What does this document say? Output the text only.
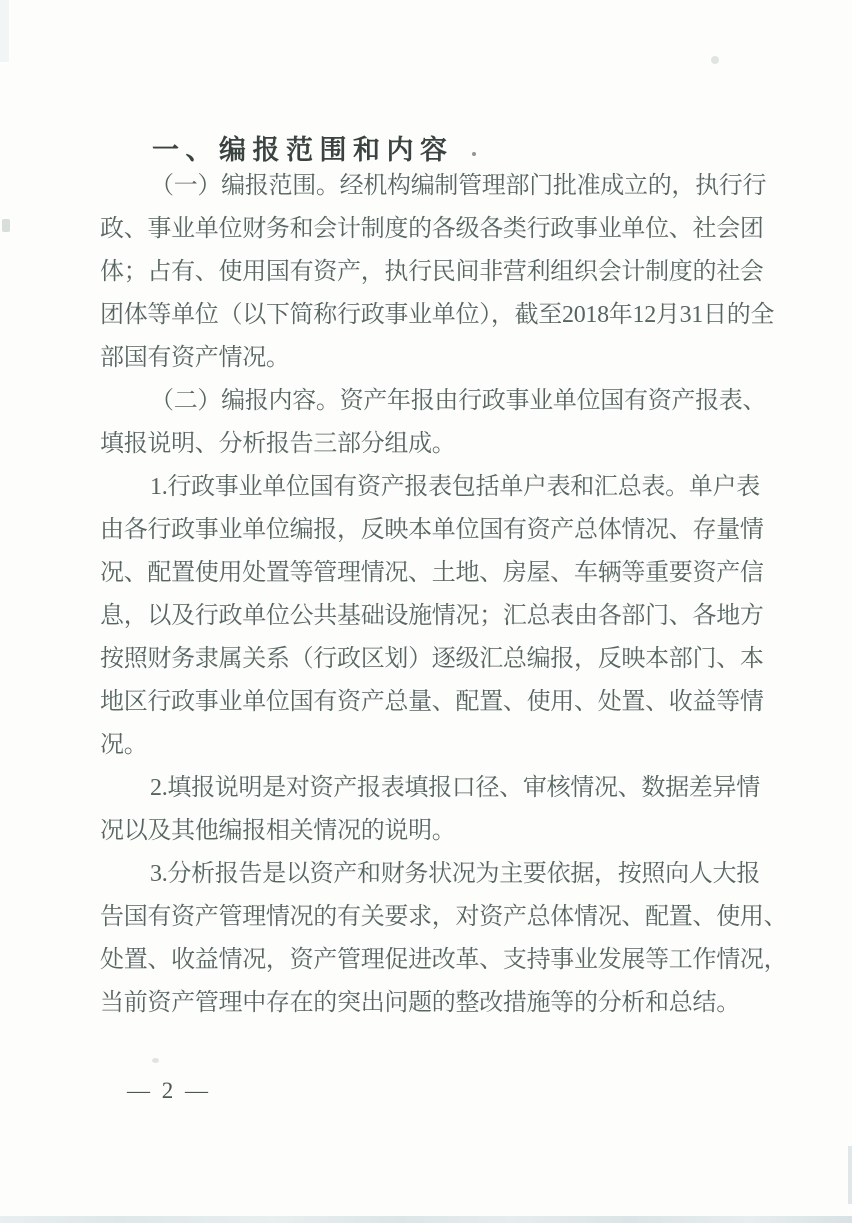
一、编报范围和内容

（一）编报范围。经机构编制管理部门批准成立的，执行行
政、事业单位财务和会计制度的各级各类行政事业单位、社会团
体；占有、使用国有资产，执行民间非营利组织会计制度的社会
团体等单位（以下简称行政事业单位），截至2018年12月31日的全
部国有资产情况。

（二）编报内容。资产年报由行政事业单位国有资产报表、
填报说明、分析报告三部分组成。

1.行政事业单位国有资产报表包括单户表和汇总表。单户表
由各行政事业单位编报，反映本单位国有资产总体情况、存量情
况、配置使用处置等管理情况、土地、房屋、车辆等重要资产信
息，以及行政单位公共基础设施情况；汇总表由各部门、各地方
按照财务隶属关系（行政区划）逐级汇总编报，反映本部门、本
地区行政事业单位国有资产总量、配置、使用、处置、收益等情
况。

2.填报说明是对资产报表填报口径、审核情况、数据差异情
况以及其他编报相关情况的说明。

3.分析报告是以资产和财务状况为主要依据，按照向人大报
告国有资产管理情况的有关要求，对资产总体情况、配置、使用、
处置、收益情况，资产管理促进改革、支持事业发展等工作情况，
当前资产管理中存在的突出问题的整改措施等的分析和总结。

— 2 —
